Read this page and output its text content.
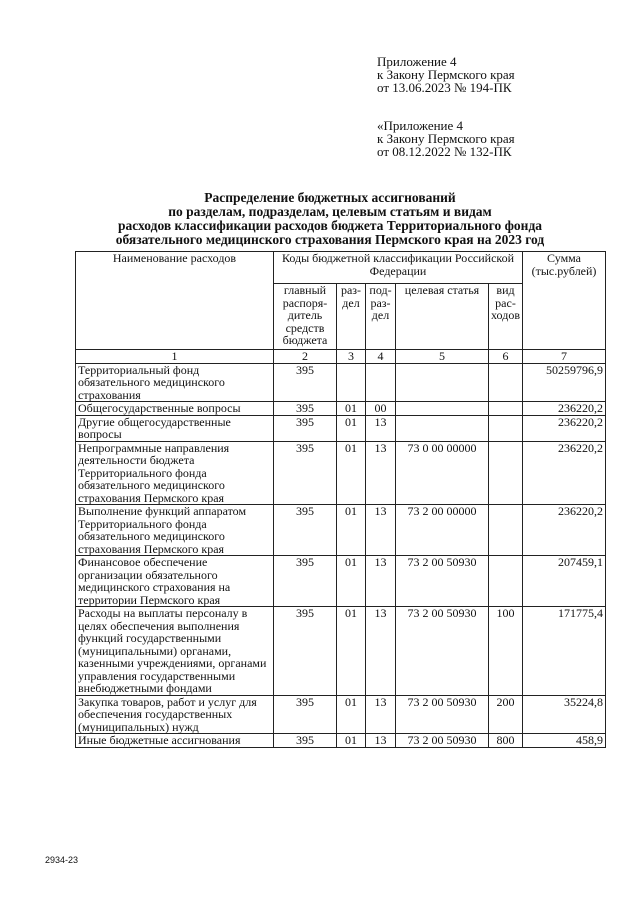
Приложение 4
к Закону Пермского края
от 13.06.2023 № 194-ПК
«Приложение 4
к Закону Пермского края
от 08.12.2022 № 132-ПК
Распределение бюджетных ассигнований
по разделам, подразделам, целевым статьям и видам
расходов классификации расходов бюджета Территориального фонда
обязательного медицинского страхования Пермского края на 2023 год
Наименование расходов	Коды бюджетной классификации Российской Федерации					Сумма (тыс.рублей)
	главный распоря-дитель средств бюджета	раз-дел	под-раз-дел	целевая статья	вид рас-ходов	
1	2	3	4	5	6	7
Территориальный фонд обязательного медицинского страхования	395					50259796,9
Общегосударственные вопросы	395	01	00			236220,2
Другие общегосударственные вопросы	395	01	13			236220,2
Непрограммные направления деятельности бюджета Территориального фонда обязательного медицинского страхования Пермского края	395	01	13	73 0 00 00000		236220,2
Выполнение функций аппаратом Территориального фонда обязательного медицинского страхования Пермского края	395	01	13	73 2 00 00000		236220,2
Финансовое обеспечение организации обязательного медицинского страхования на территории Пермского края	395	01	13	73 2 00 50930		207459,1
Расходы на выплаты персоналу в целях обеспечения выполнения функций государственными (муниципальными) органами, казенными учреждениями, органами управления государственными внебюджетными фондами	395	01	13	73 2 00 50930	100	171775,4
Закупка товаров, работ и услуг для обеспечения государственных (муниципальных) нужд	395	01	13	73 2 00 50930	200	35224,8
Иные бюджетные ассигнования	395	01	13	73 2 00 50930	800	458,9
2934-23
